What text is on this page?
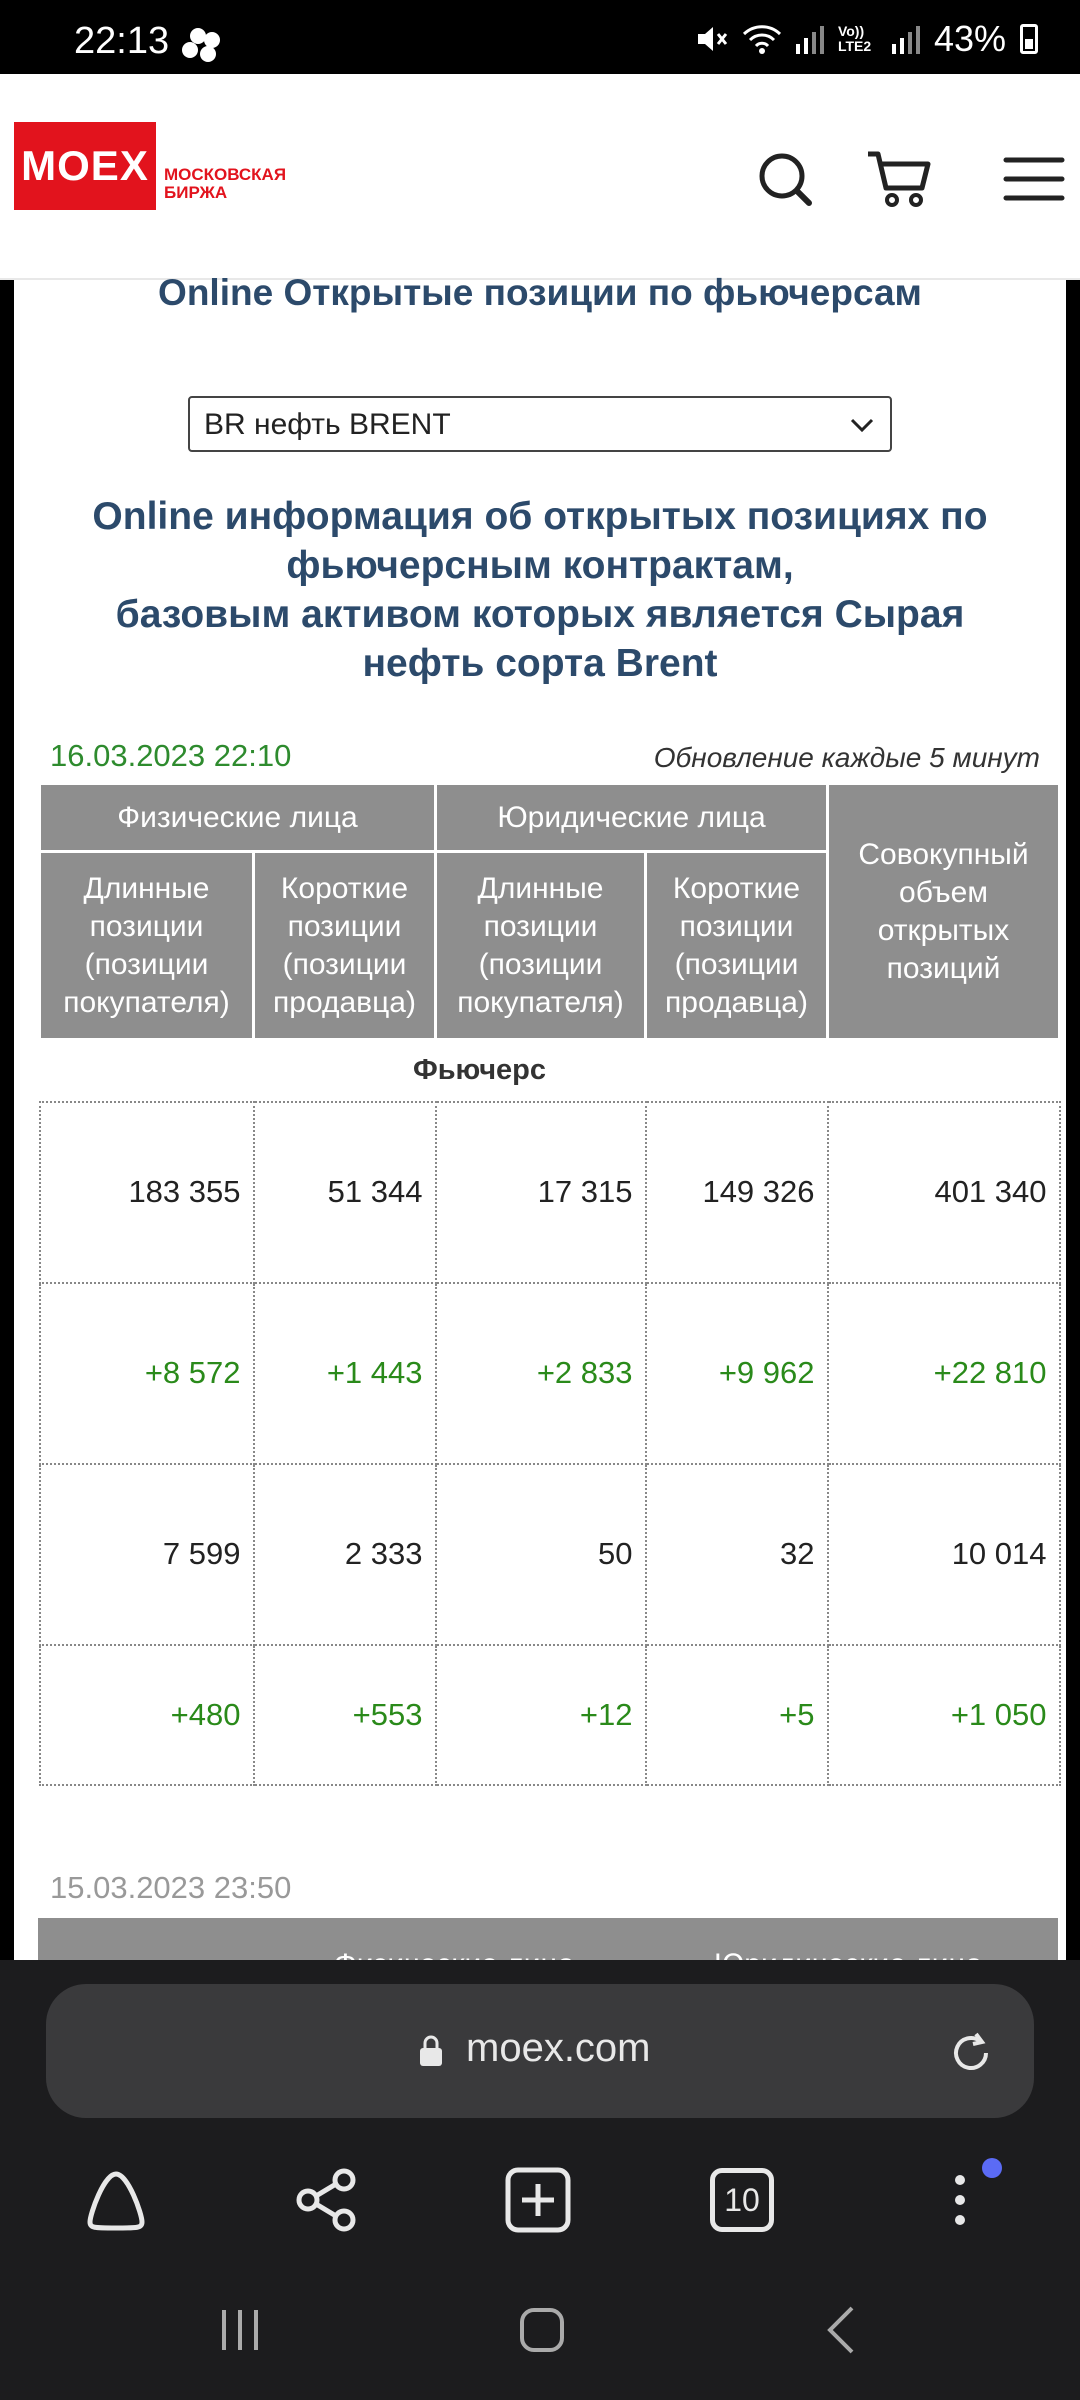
22:13	Vo)) LTE2 43%
MOEX МОСКОВСКАЯ
БИРЖА
Online Открытые позиции по фьючерсам
BR нефть BRENT
Online информация об открытых позициях по
фьючерсным контрактам,
базовым активом которых является Сырая
нефть сорта Brent
16.03.2023 22:10	Обновление каждые 5 минут
Физические лица		Юридические лица		Совокупный объем открытых позиций
Длинные позиции (позиции покупателя)	Короткие позиции (позиции продавца)	Длинные позиции (позиции покупателя)	Короткие позиции (позиции продавца)	
Фьючерс				
183 355	51 344	17 315	149 326	401 340
+8 572	+1 443	+2 833	+9 962	+22 810
7 599	2 333	50	32	10 014
+480	+553	+12	+5	+1 050
15.03.2023 23:50
moex.com
10
